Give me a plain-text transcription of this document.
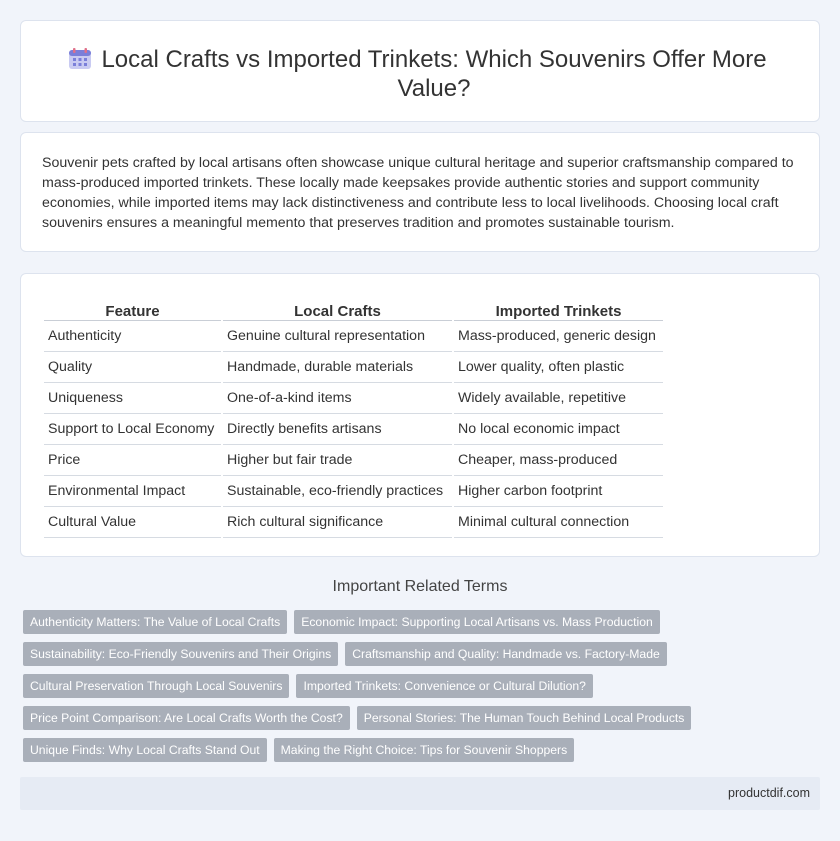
Local Crafts vs Imported Trinkets: Which Souvenirs Offer More Value?

Souvenir pets crafted by local artisans often showcase unique cultural heritage and superior craftsmanship compared to mass-produced imported trinkets. These locally made keepsakes provide authentic stories and support community economies, while imported items may lack distinctiveness and contribute less to local livelihoods. Choosing local craft souvenirs ensures a meaningful memento that preserves tradition and promotes sustainable tourism.

Feature	Local Crafts	Imported Trinkets
Authenticity	Genuine cultural representation	Mass-produced, generic design
Quality	Handmade, durable materials	Lower quality, often plastic
Uniqueness	One-of-a-kind items	Widely available, repetitive
Support to Local Economy	Directly benefits artisans	No local economic impact
Price	Higher but fair trade	Cheaper, mass-produced
Environmental Impact	Sustainable, eco-friendly practices	Higher carbon footprint
Cultural Value	Rich cultural significance	Minimal cultural connection
Important Related Terms
Authenticity Matters: The Value of Local Crafts	Economic Impact: Supporting Local Artisans vs. Mass Production
Sustainability: Eco-Friendly Souvenirs and Their Origins	Craftsmanship and Quality: Handmade vs. Factory-Made
Cultural Preservation Through Local Souvenirs	Imported Trinkets: Convenience or Cultural Dilution?
Price Point Comparison: Are Local Crafts Worth the Cost?	Personal Stories: The Human Touch Behind Local Products
Unique Finds: Why Local Crafts Stand Out	Making the Right Choice: Tips for Souvenir Shoppers
productdif.com
